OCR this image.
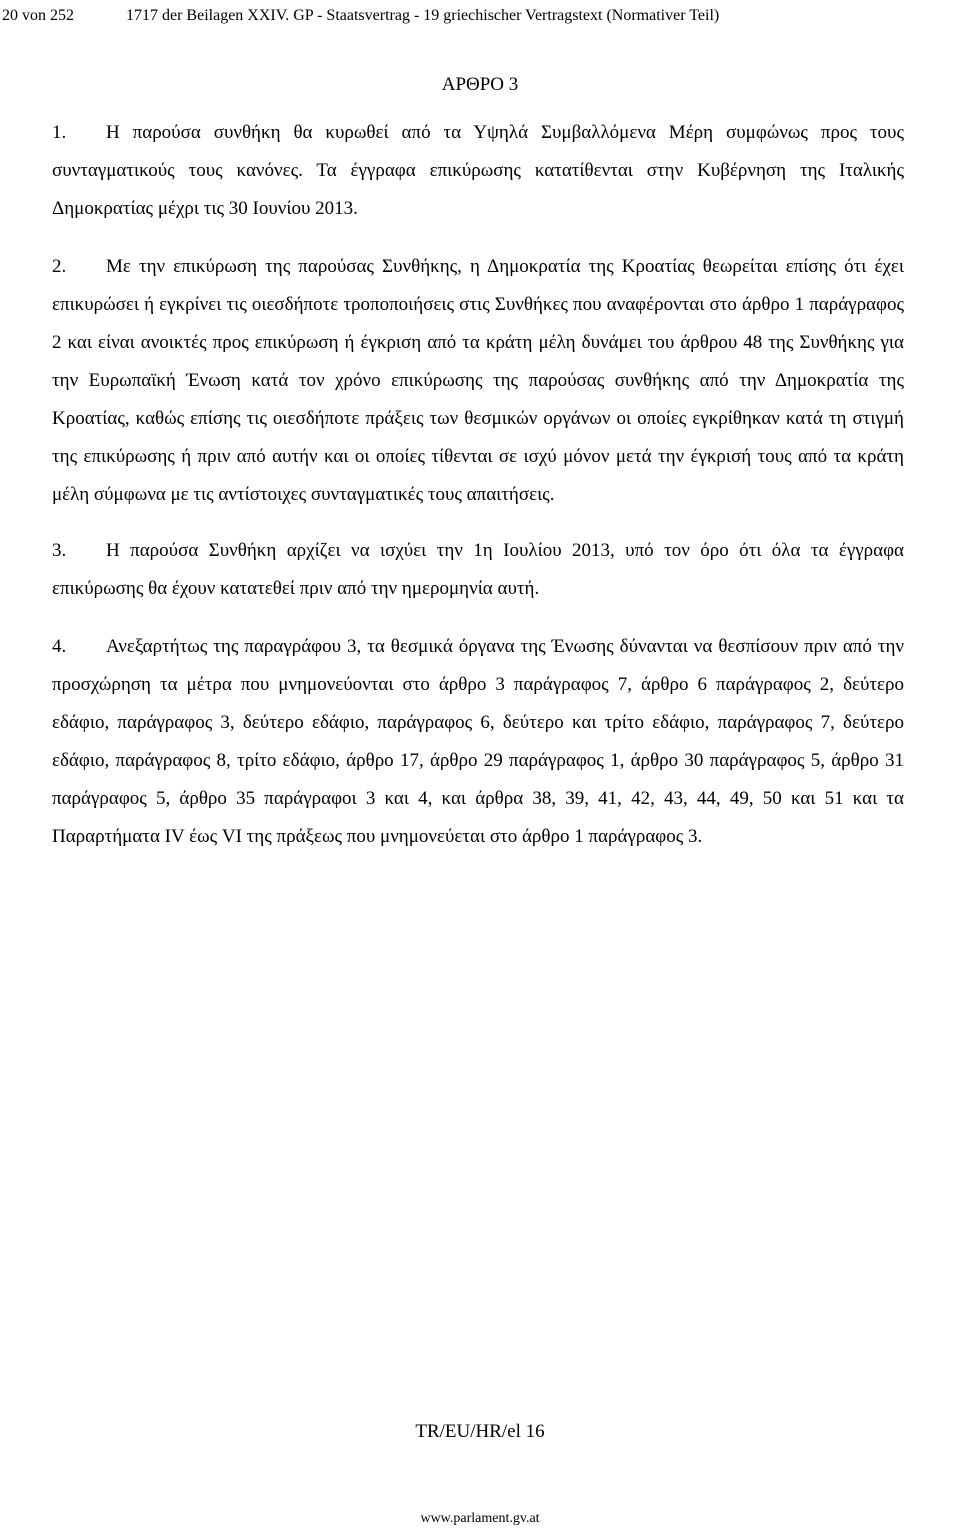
20 von 252	1717 der Beilagen XXIV. GP - Staatsvertrag - 19 griechischer Vertragstext (Normativer Teil)
ΑΡΘΡΟ 3

1. Η παρούσα συνθήκη θα κυρωθεί από τα Υψηλά Συμβαλλόμενα Μέρη συμφώνως προς τους συνταγματικούς τους κανόνες. Τα έγγραφα επικύρωσης κατατίθενται στην Κυβέρνηση της Ιταλικής Δημοκρατίας μέχρι τις 30 Ιουνίου 2013.

2. Με την επικύρωση της παρούσας Συνθήκης, η Δημοκρατία της Κροατίας θεωρείται επίσης ότι έχει επικυρώσει ή εγκρίνει τις οιεσδήποτε τροποποιήσεις στις Συνθήκες που αναφέρονται στο άρθρο 1 παράγραφος 2 και είναι ανοικτές προς επικύρωση ή έγκριση από τα κράτη μέλη δυνάμει του άρθρου 48 της Συνθήκης για την Ευρωπαϊκή Ένωση κατά τον χρόνο επικύρωσης της παρούσας συνθήκης από την Δημοκρατία της Κροατίας, καθώς επίσης τις οιεσδήποτε πράξεις των θεσμικών οργάνων οι οποίες εγκρίθηκαν κατά τη στιγμή της επικύρωσης ή πριν από αυτήν και οι οποίες τίθενται σε ισχύ μόνον μετά την έγκρισή τους από τα κράτη μέλη σύμφωνα με τις αντίστοιχες συνταγματικές τους απαιτήσεις.

3. Η παρούσα Συνθήκη αρχίζει να ισχύει την 1η Ιουλίου 2013, υπό τον όρο ότι όλα τα έγγραφα επικύρωσης θα έχουν κατατεθεί πριν από την ημερομηνία αυτή.

4. Ανεξαρτήτως της παραγράφου 3, τα θεσμικά όργανα της Ένωσης δύνανται να θεσπίσουν πριν από την προσχώρηση τα μέτρα που μνημονεύονται στο άρθρο 3 παράγραφος 7, άρθρο 6 παράγραφος 2, δεύτερο εδάφιο, παράγραφος 3, δεύτερο εδάφιο, παράγραφος 6, δεύτερο και τρίτο εδάφιο, παράγραφος 7, δεύτερο εδάφιο, παράγραφος 8, τρίτο εδάφιο, άρθρο 17, άρθρο 29 παράγραφος 1, άρθρο 30 παράγραφος 5, άρθρο 31 παράγραφος 5, άρθρο 35 παράγραφοι 3 και 4, και άρθρα 38, 39, 41, 42, 43, 44, 49, 50 και 51 και τα Παραρτήματα IV έως VI της πράξεως που μνημονεύεται στο άρθρο 1 παράγραφος 3.

TR/EU/HR/el 16
www.parlament.gv.at
